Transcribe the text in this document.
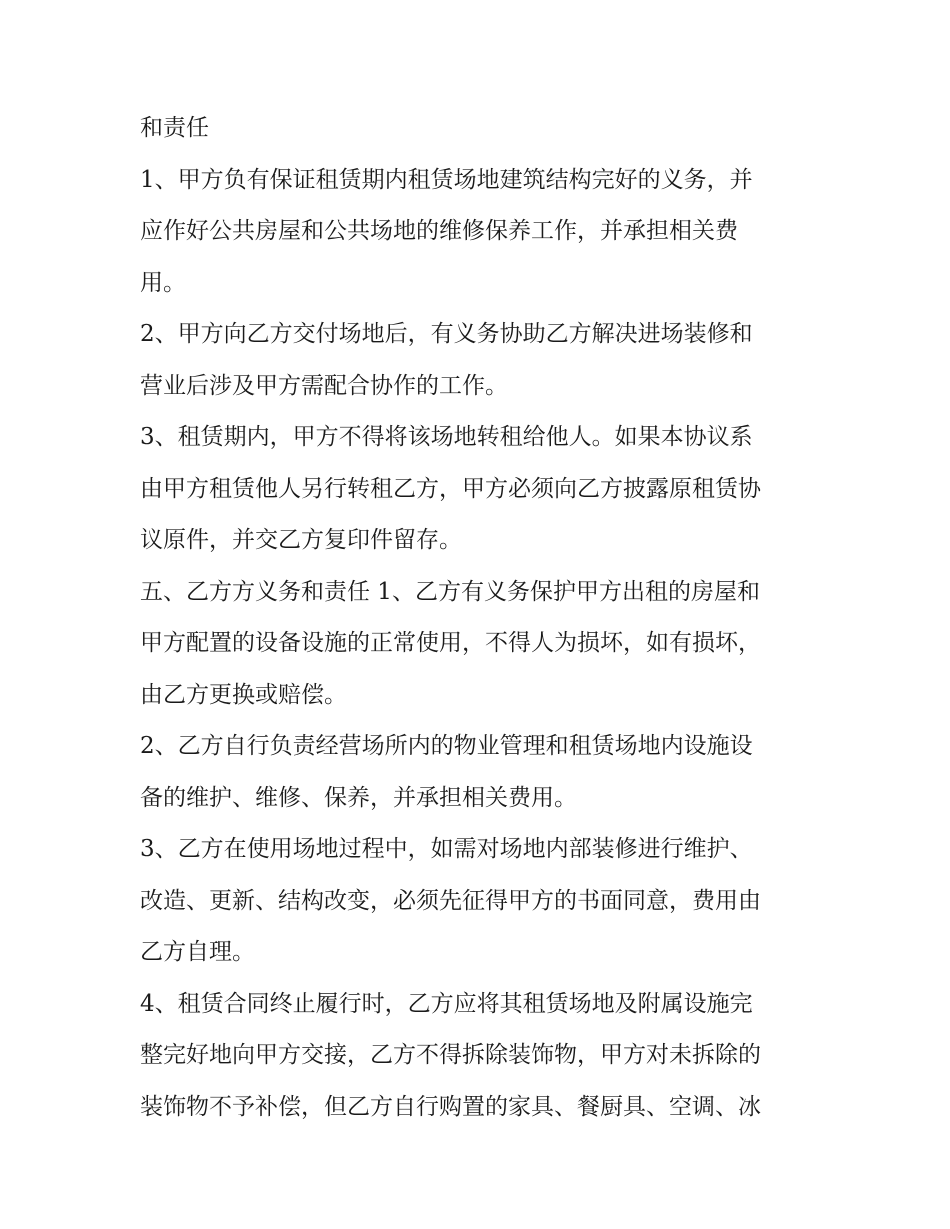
和责任
1、甲方负有保证租赁期内租赁场地建筑结构完好的义务，并
应作好公共房屋和公共场地的维修保养工作，并承担相关费
用。
2、甲方向乙方交付场地后，有义务协助乙方解决进场装修和
营业后涉及甲方需配合协作的工作。
3、租赁期内，甲方不得将该场地转租给他人。如果本协议系
由甲方租赁他人另行转租乙方，甲方必须向乙方披露原租赁协
议原件，并交乙方复印件留存。
五、乙方方义务和责任 1、乙方有义务保护甲方出租的房屋和
甲方配置的设备设施的正常使用，不得人为损坏，如有损坏，
由乙方更换或赔偿。
2、乙方自行负责经营场所内的物业管理和租赁场地内设施设
备的维护、维修、保养，并承担相关费用。
3、乙方在使用场地过程中，如需对场地内部装修进行维护、
改造、更新、结构改变，必须先征得甲方的书面同意，费用由
乙方自理。
4、租赁合同终止履行时，乙方应将其租赁场地及附属设施完
整完好地向甲方交接，乙方不得拆除装饰物，甲方对未拆除的
装饰物不予补偿，但乙方自行购置的家具、餐厨具、空调、冰
